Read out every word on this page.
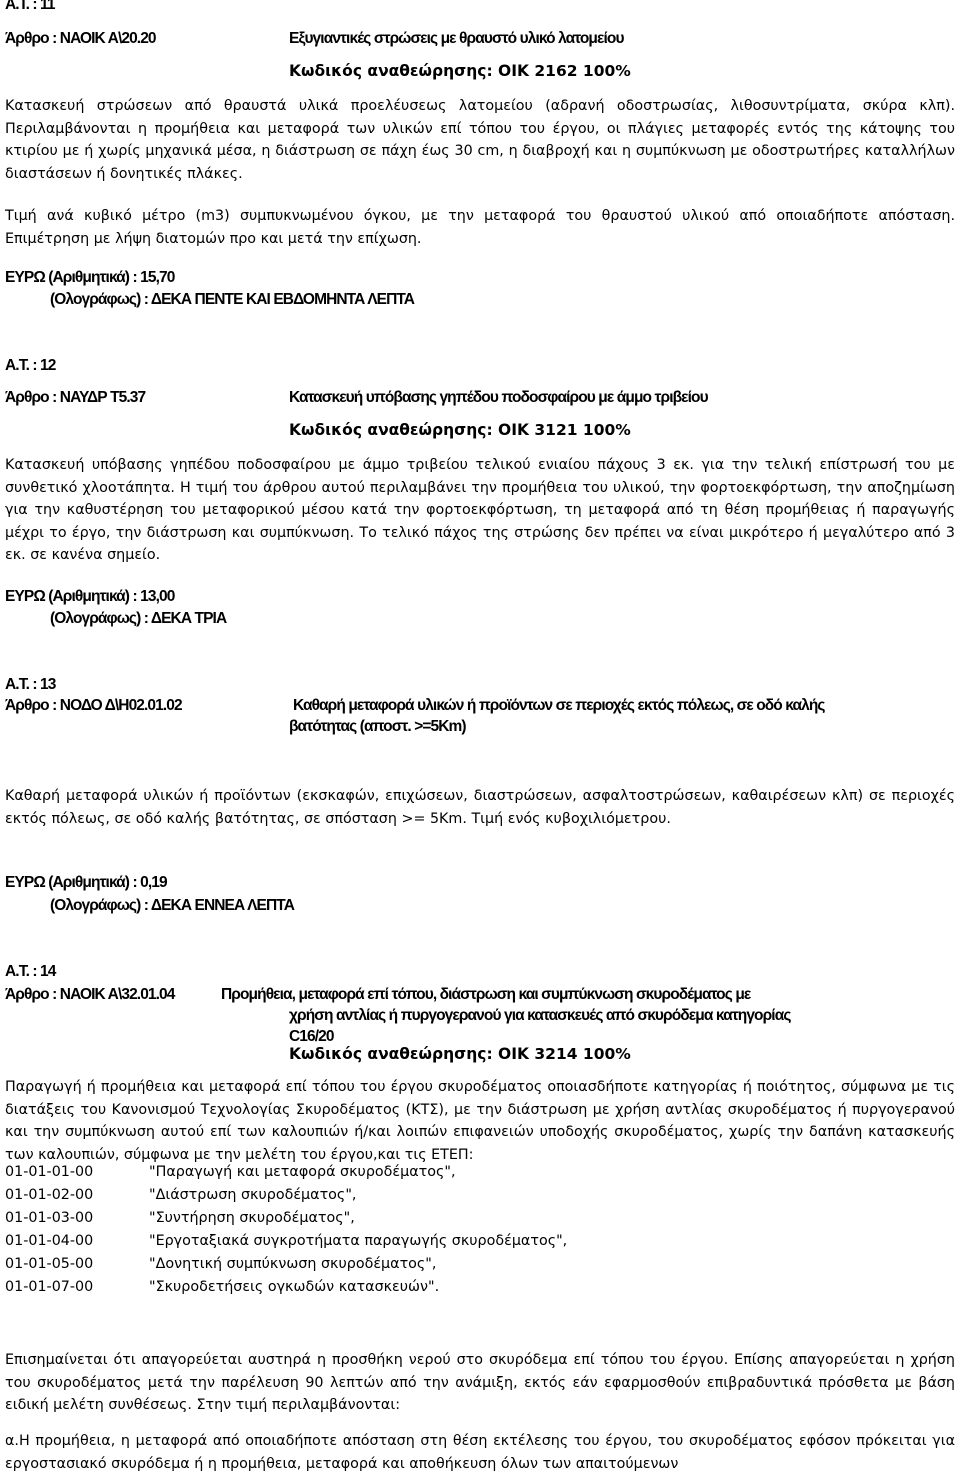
Α.Τ. : 11
Άρθρο : ΝΑΟΙΚ Α\20.20	Εξυγιαντικές στρώσεις με θραυστό υλικό λατομείου
Κωδικός αναθεώρησης: ΟΙΚ 2162 100%
Κατασκευή στρώσεων από θραυστά υλικά προελέυσεως λατομείου (αδρανή οδοστρωσίας, λιθοσυντρίματα, σκύρα κλπ). Περιλαμβάνονται η προμήθεια και μεταφορά των υλικών επί τόπου του έργου, οι πλάγιες μεταφορές εντός της κάτοψης του κτιρίου με ή χωρίς μηχανικά μέσα, η διάστρωση σε πάχη έως 30 cm, η διαβροχή και η συμπύκνωση με οδοστρωτήρες καταλλήλων διαστάσεων ή δονητικές πλάκες.
Τιμή ανά κυβικό μέτρο (m3) συμπυκνωμένου όγκου, με την μεταφορά του θραυστού υλικού από οποιαδήποτε απόσταση. Επιμέτρηση με λήψη διατομών προ και μετά την επίχωση.
ΕΥΡΩ (Αριθμητικά) : 15,70
(Ολογράφως) : ΔΕΚΑ ΠΕΝΤΕ ΚΑΙ ΕΒΔΟΜΗΝΤΑ ΛΕΠΤΑ
Α.Τ. : 12
Άρθρο : ΝΑΥΔΡ Τ5.37	Κατασκευή υπόβασης γηπέδου ποδοσφαίρου με άμμο τριβείου
Κωδικός αναθεώρησης: ΟΙΚ 3121 100%
Κατασκευή υπόβασης γηπέδου ποδοσφαίρου με άμμο τριβείου τελικού ενιαίου πάχους 3 εκ. για την τελική επίστρωσή του με συνθετικό χλοοτάπητα. Η τιμή του άρθρου αυτού περιλαμβάνει την προμήθεια του υλικού, την φορτοεκφόρτωση, την αποζημίωση για την καθυστέρηση του μεταφορικού μέσου κατά την φορτοεκφόρτωση, τη μεταφορά από τη θέση προμήθειας ή παραγωγής μέχρι το έργο, την διάστρωση και συμπύκνωση. Το τελικό πάχος της στρώσης δεν πρέπει να είναι μικρότερο ή μεγαλύτερο από 3 εκ. σε κανένα σημείο.
ΕΥΡΩ (Αριθμητικά) : 13,00
(Ολογράφως) : ΔΕΚΑ ΤΡΙΑ
Α.Τ. : 13
Άρθρο : ΝΟΔΟ Δ\Η02.01.02	Καθαρή μεταφορά υλικών ή προϊόντων σε περιοχές εκτός πόλεως, σε οδό καλής
βατότητας (αποστ. >=5Km)
Καθαρή μεταφορά υλικών ή προϊόντων (εκσκαφών, επιχώσεων, διαστρώσεων, ασφαλτοστρώσεων, καθαιρέσεων κλπ) σε περιοχές εκτός πόλεως, σε οδό καλής βατότητας, σε σπόσταση >= 5Km. Τιμή ενός κυβοχιλιόμετρου.
ΕΥΡΩ (Αριθμητικά) : 0,19
(Ολογράφως) : ΔΕΚΑ ΕΝΝΕΑ ΛΕΠΤΑ
Α.Τ. : 14
Άρθρο : ΝΑΟΙΚ Α\32.01.04	Προμήθεια, μεταφορά επί τόπου, διάστρωση και συμπύκνωση σκυροδέματος με
χρήση αντλίας ή πυργογερανού για κατασκευές από σκυρόδεμα κατηγορίας
C16/20
Κωδικός αναθεώρησης: ΟΙΚ 3214 100%
Παραγωγή ή προμήθεια και μεταφορά επί τόπου του έργου σκυροδέματος οποιασδήποτε κατηγορίας ή ποιότητος, σύμφωνα με τις διατάξεις του Κανονισμού Τεχνολογίας Σκυροδέματος (ΚΤΣ), με την διάστρωση με χρήση αντλίας σκυροδέματος ή πυργογερανού και την συμπύκνωση αυτού επί των καλουπιών ή/και λοιπών επιφανειών υποδοχής σκυροδέματος, χωρίς την δαπάνη κατασκευής των καλουπιών, σύμφωνα με την μελέτη του έργου,και τις ΕΤΕΠ:
01-01-01-00	"Παραγωγή και μεταφορά σκυροδέματος",
01-01-02-00	"Διάστρωση σκυροδέματος",
01-01-03-00	"Συντήρηση σκυροδέματος",
01-01-04-00	"Εργοταξιακά συγκροτήματα παραγωγής σκυροδέματος",
01-01-05-00	"Δονητική συμπύκνωση σκυροδέματος",
01-01-07-00	"Σκυροδετήσεις ογκωδών κατασκευών".
Επισημαίνεται ότι απαγορεύεται αυστηρά η προσθήκη νερού στο σκυρόδεμα επί τόπου του έργου. Επίσης απαγορεύεται η χρήση του σκυροδέματος μετά την παρέλευση 90 λεπτών από την ανάμιξη, εκτός εάν εφαρμοσθούν επιβραδυντικά πρόσθετα με βάση ειδική μελέτη συνθέσεως. Στην τιμή περιλαμβάνονται:
α.Η προμήθεια, η μεταφορά από οποιαδήποτε απόσταση στη θέση εκτέλεσης του έργου, του σκυροδέματος εφόσον πρόκειται για εργοστασιακό σκυρόδεμα ή η προμήθεια, μεταφορά και αποθήκευση όλων των απαιτούμενων
